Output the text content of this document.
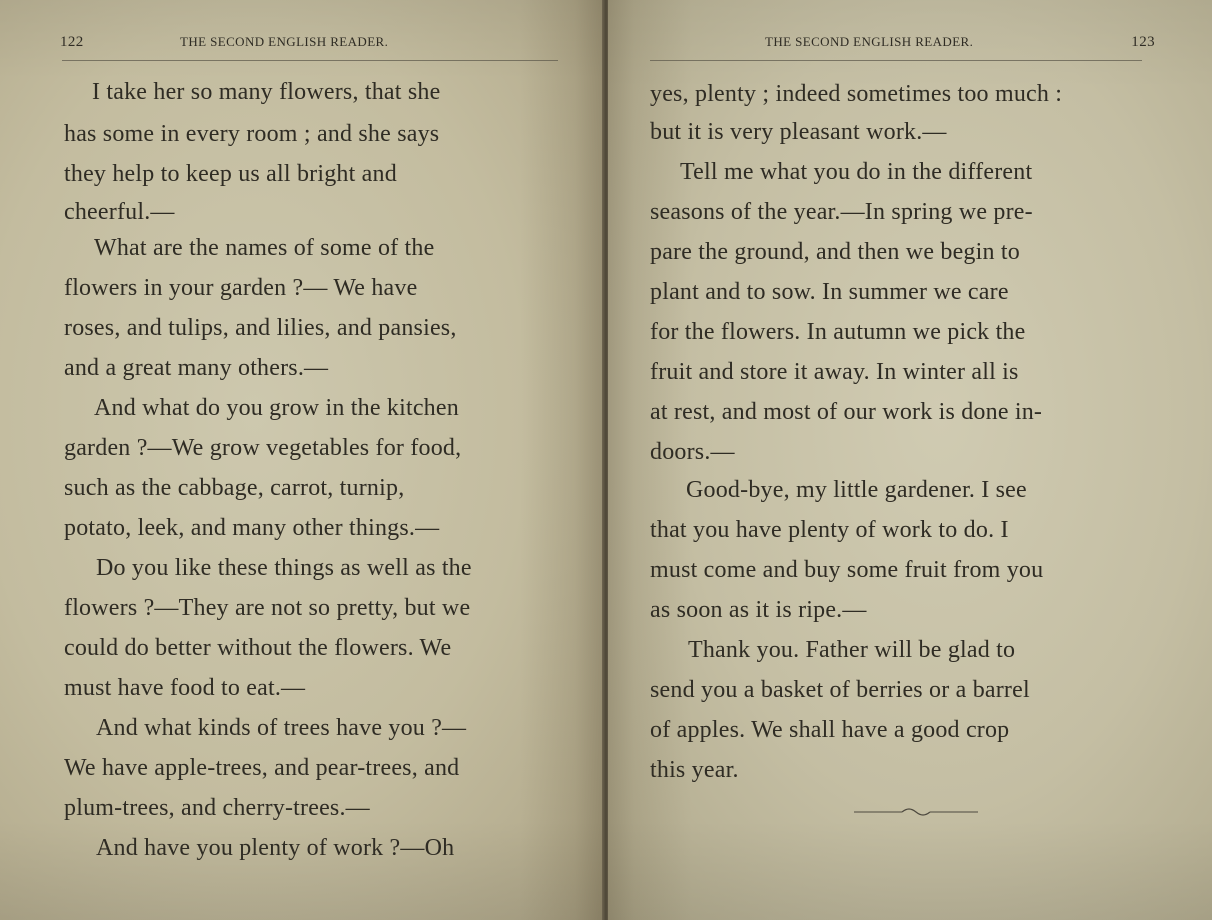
122	THE SECOND ENGLISH READER.
I take her so many flowers, that she
has some in every room ; and she says
they help to keep us all bright and
cheerful.—
What are the names of some of the
flowers in your garden ?— We have
roses, and tulips, and lilies, and pansies,
and a great many others.—
And what do you grow in the kitchen
garden ?—We grow vegetables for food,
such as the cabbage, carrot, turnip,
potato, leek, and many other things.—
Do you like these things as well as the
flowers ?—They are not so pretty, but we
could do better without the flowers. We
must have food to eat.—
And what kinds of trees have you ?—
We have apple-trees, and pear-trees, and
plum-trees, and cherry-trees.—
And have you plenty of work ?—Oh
THE SECOND ENGLISH READER.	123
yes, plenty ; indeed sometimes too much :
but it is very pleasant work.—
Tell me what you do in the different
seasons of the year.—In spring we pre-
pare the ground, and then we begin to
plant and to sow. In summer we care
for the flowers. In autumn we pick the
fruit and store it away. In winter all is
at rest, and most of our work is done in-
doors.—
Good-bye, my little gardener. I see
that you have plenty of work to do. I
must come and buy some fruit from you
as soon as it is ripe.—
Thank you. Father will be glad to
send you a basket of berries or a barrel
of apples. We shall have a good crop
this year.
